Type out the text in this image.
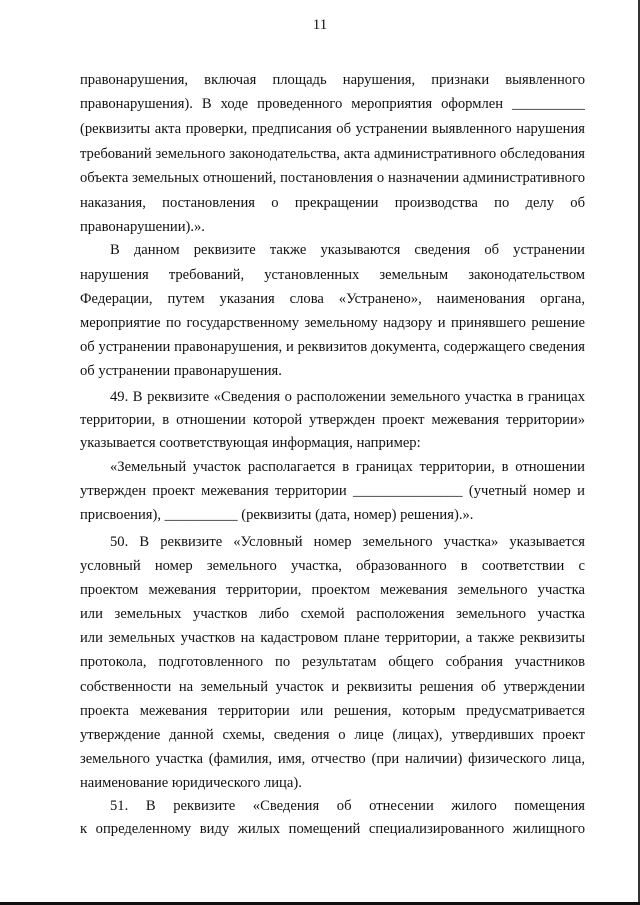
11
правонарушения, включая площадь нарушения, признаки выявленного
правонарушения). В ходе проведенного мероприятия оформлен __________
(реквизиты акта проверки, предписания об устранении выявленного нарушения
требований земельного законодательства, акта административного обследования
объекта земельных отношений, постановления о назначении административного
наказания, постановления о прекращении производства по делу об
правонарушении).».
В данном реквизите также указываются сведения об устранении
нарушения требований, установленных земельным законодательством
Федерации, путем указания слова «Устранено», наименования органа,
мероприятие по государственному земельному надзору и принявшего решение
об устранении правонарушения, и реквизитов документа, содержащего сведения
об устранении правонарушения.
49. В реквизите «Сведения о расположении земельного участка в границах
территории, в отношении которой утвержден проект межевания территории»
указывается соответствующая информация, например:
«Земельный участок располагается в границах территории, в отношении
утвержден проект межевания территории _______________ (учетный номер и
присвоения), __________ (реквизиты (дата, номер) решения).».
50. В реквизите «Условный номер земельного участка» указывается
условный номер земельного участка, образованного в соответствии с
проектом межевания территории, проектом межевания земельного участка
или земельных участков либо схемой расположения земельного участка
или земельных участков на кадастровом плане территории, а также реквизиты
протокола, подготовленного по результатам общего собрания участников
собственности на земельный участок и реквизиты решения об утверждении
проекта межевания территории или решения, которым предусматривается
утверждение данной схемы, сведения о лице (лицах), утвердивших проект
земельного участка (фамилия, имя, отчество (при наличии) физического лица,
наименование юридического лица).
51. В реквизите «Сведения об отнесении жилого помещения
к определенному виду жилых помещений специализированного жилищного
